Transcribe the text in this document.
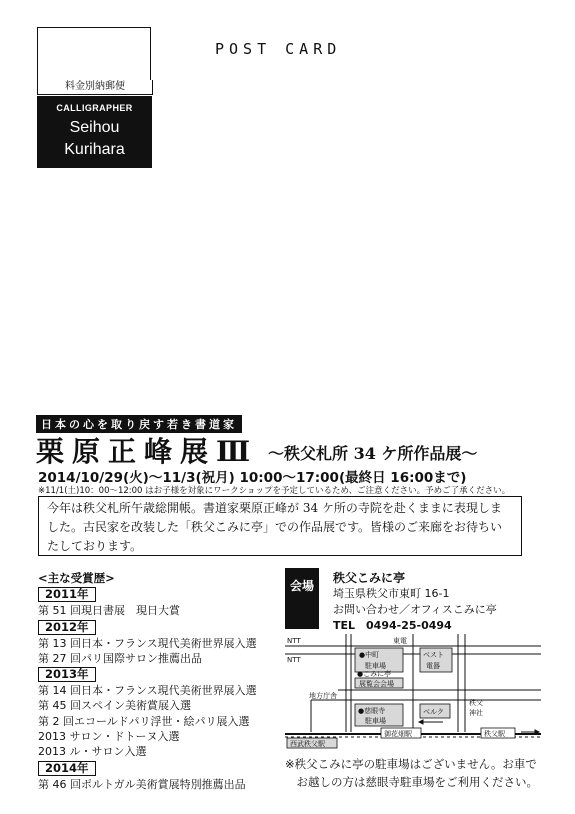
料金別納郵便
CALLIGRAPHER
Seihou
Kurihara
POST CARD
日本の心を取り戻す若き書道家
栗原正峰展Ⅲ 〜秩父札所 34 ケ所作品展〜
2014/10/29(火)〜11/3(祝月) 10:00〜17:00(最終日 16:00まで)
※11/1(土)10：00〜12:00 はお子様を対象にワークショップを予定しているため、ご注意ください。予めご了承ください。
今年は秩父札所午歳総開帳。書道家栗原正峰が 34 ケ所の寺院を赴くままに表現しました。古民家を改装した「秩父こみに亭」での作品展です。皆様のご来廊をお待ちいたしております。
<主な受賞歴>
2011年
第 51 回現日書展　現日大賞
2012年
第 13 回日本・フランス現代美術世界展入選
第 27 回パリ国際サロン推薦出品
2013年
第 14 回日本・フランス現代美術世界展入選
第 45 回スペイン美術賞展入選
第 2 回エコールドパリ浮世・絵パリ展入選
2013 サロン・ドトーヌ入選
2013 ル・サロン入選
2014年
第 46 回ポルトガル美術賞展特別推薦出品
会場
秩父こみに亭
埼玉県秩父市東町 16-1
お問い合わせ／オフィスこみに亭
TEL　0494-25-0494
NTT
NTT
東電
●中町
駐車場
ベスト
電器
●こみに亭
展覧会会場
地方庁舎
●慈眼寺
駐車場
ベルク
秩父
神社
御花畑駅	秩父駅
西武秩父駅
※秩父こみに亭の駐車場はございません。お車で
　お越しの方は慈眼寺駐車場をご利用ください。
